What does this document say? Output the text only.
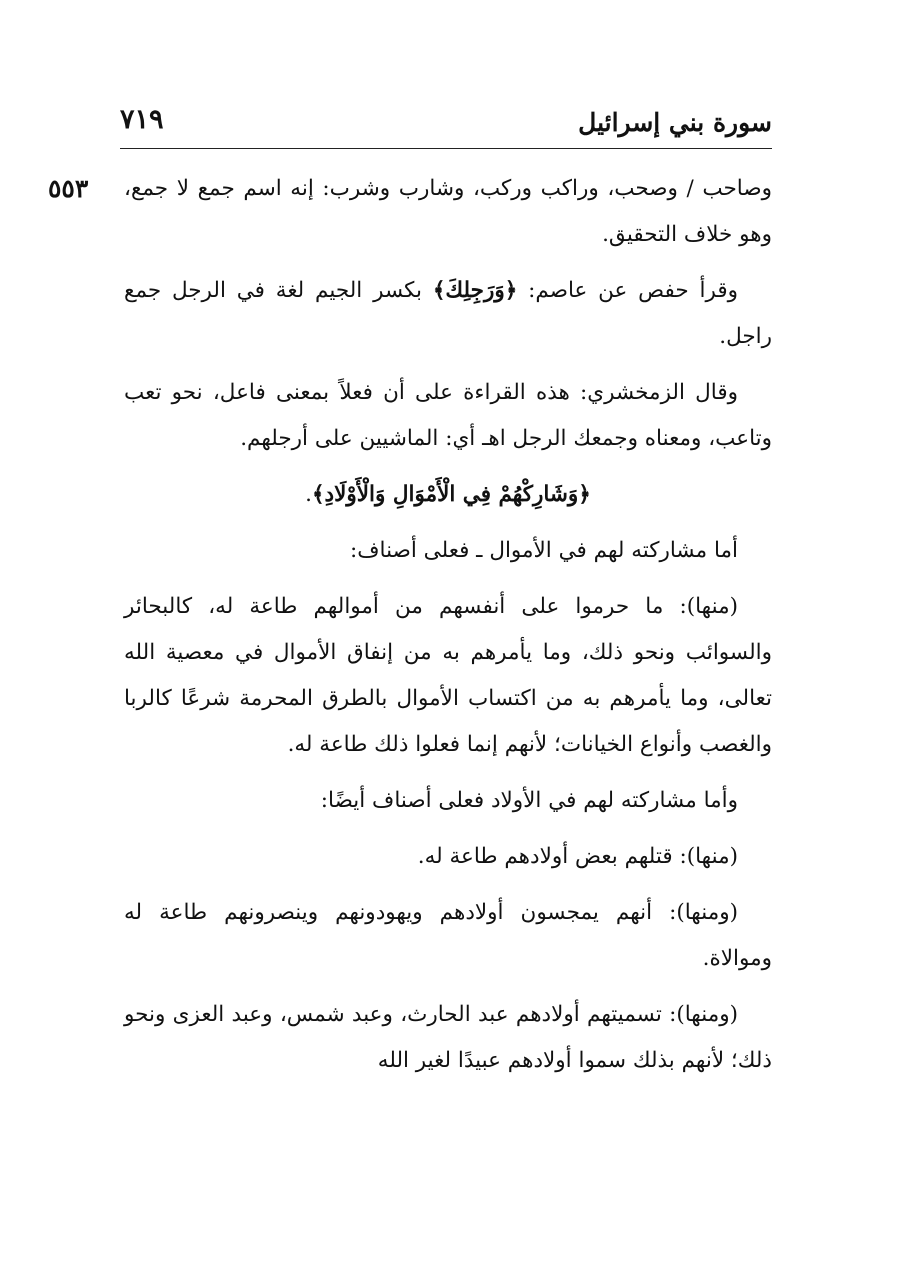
سورة بني إسرائيل
٧١٩
٥٥٣ وصاحب / وصحب، وراكب وركب، وشارب وشرب: إنه اسم جمع لا جمع، وهو خلاف التحقيق.

وقرأ حفص عن عاصم: ﴿وَرَجِلِكَ﴾ بكسر الجيم لغة في الرجل جمع راجل.

وقال الزمخشري: هذه القراءة على أن فعلاً بمعنى فاعل، نحو تعب وتاعب، ومعناه وجمعك الرجل اهـ أي: الماشيين على أرجلهم.

﴿وَشَارِكْهُمْ فِي الْأَمْوَالِ وَالْأَوْلَادِ﴾.

أما مشاركته لهم في الأموال ـ فعلى أصناف:

(منها): ما حرموا على أنفسهم من أموالهم طاعة له، كالبحائر والسوائب ونحو ذلك، وما يأمرهم به من إنفاق الأموال في معصية الله تعالى، وما يأمرهم به من اكتساب الأموال بالطرق المحرمة شرعًا كالربا والغصب وأنواع الخيانات؛ لأنهم إنما فعلوا ذلك طاعة له.

وأما مشاركته لهم في الأولاد فعلى أصناف أيضًا:

(منها): قتلهم بعض أولادهم طاعة له.

(ومنها): أنهم يمجسون أولادهم ويهودونهم وينصرونهم طاعة له وموالاة.

(ومنها): تسميتهم أولادهم عبد الحارث، وعبد شمس، وعبد العزى ونحو ذلك؛ لأنهم بذلك سموا أولادهم عبيدًا لغير الله
